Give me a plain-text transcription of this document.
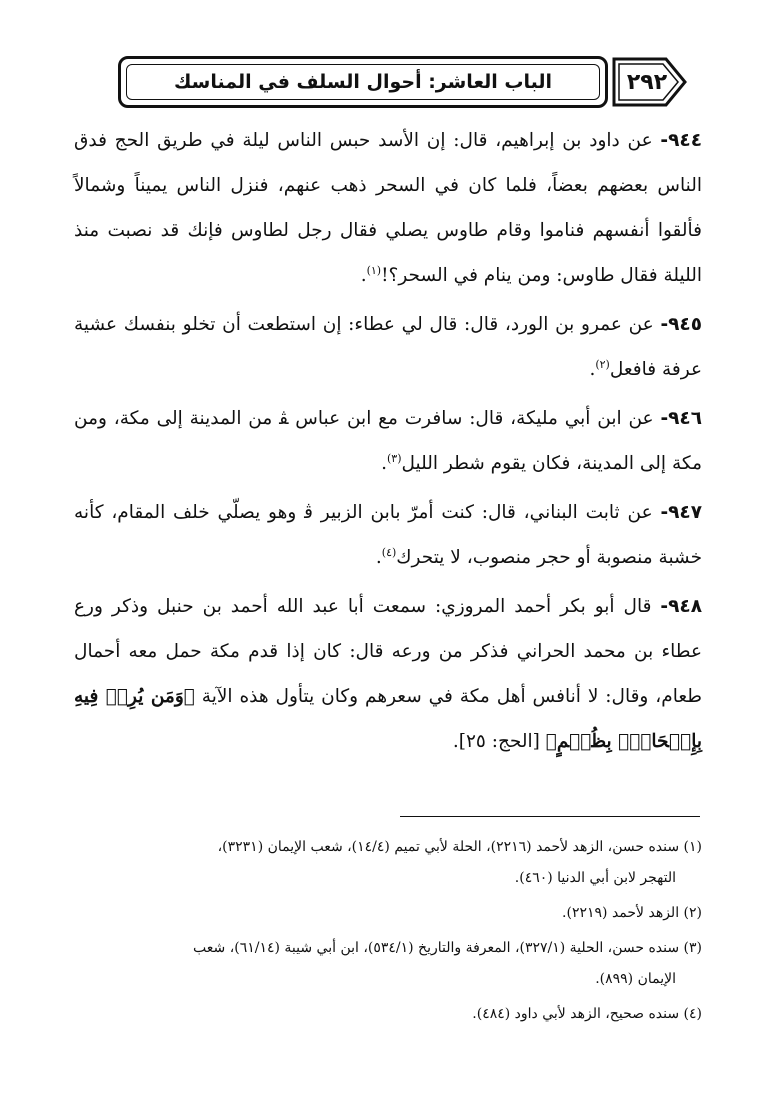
الباب العاشر: أحوال السلف في المناسك	٢٩٢

٩٤٤- عن داود بن إبراهيم، قال: إن الأسد حبس الناس ليلة في طريق الحج فدق الناس بعضهم بعضاً، فلما كان في السحر ذهب عنهم، فنزل الناس يميناً وشمالاً فألقوا أنفسهم فناموا وقام طاوس يصلي فقال رجل لطاوس فإنك قد نصبت منذ الليلة فقال طاوس: ومن ينام في السحر؟!$^{(١)}$.

٩٤٥- عن عمرو بن الورد، قال: قال لي عطاء: إن استطعت أن تخلو بنفسك عشية عرفة فافعل$^{(٢)}$.

٩٤٦- عن ابن أبي مليكة، قال: سافرت مع ابن عباس ﭭ من المدينة إلى مكة، ومن مكة إلى المدينة، فكان يقوم شطر الليل$^{(٣)}$.

٩٤٧- عن ثابت البناني، قال: كنت أمرّ بابن الزبير ﭬ وهو يصلّي خلف المقام، كأنه خشبة منصوبة أو حجر منصوب، لا يتحرك$^{(٤)}$.

٩٤٨- قال أبو بكر أحمد المروزي: سمعت أبا عبد الله أحمد بن حنبل وذكر ورع عطاء بن محمد الحراني فذكر من ورعه قال: كان إذا قدم مكة حمل معه أحمال طعام، وقال: لا أنافس أهل مكة في سعرهم وكان يتأول هذه الآية ﴿وَمَن يُرِدۡ فِيهِ بِإِلۡحَادِۭ بِظُلۡمٍ﴾ [الحج: ٢٥].

(١) سنده حسن، الزهد لأحمد (٢٢١٦)، الحلة لأبي تميم (١٤/٤)، شعب الإيمان (٣٢٣١)،
التهجر لابن أبي الدنيا (٤٦٠).

(٢) الزهد لأحمد (٢٢١٩).

(٣) سنده حسن، الحلية (٣٢٧/١)، المعرفة والتاريخ (٥٣٤/١)، ابن أبي شيبة (٦١/١٤)، شعب
الإيمان (٨٩٩).

(٤) سنده صحيح، الزهد لأبي داود (٤٨٤).
